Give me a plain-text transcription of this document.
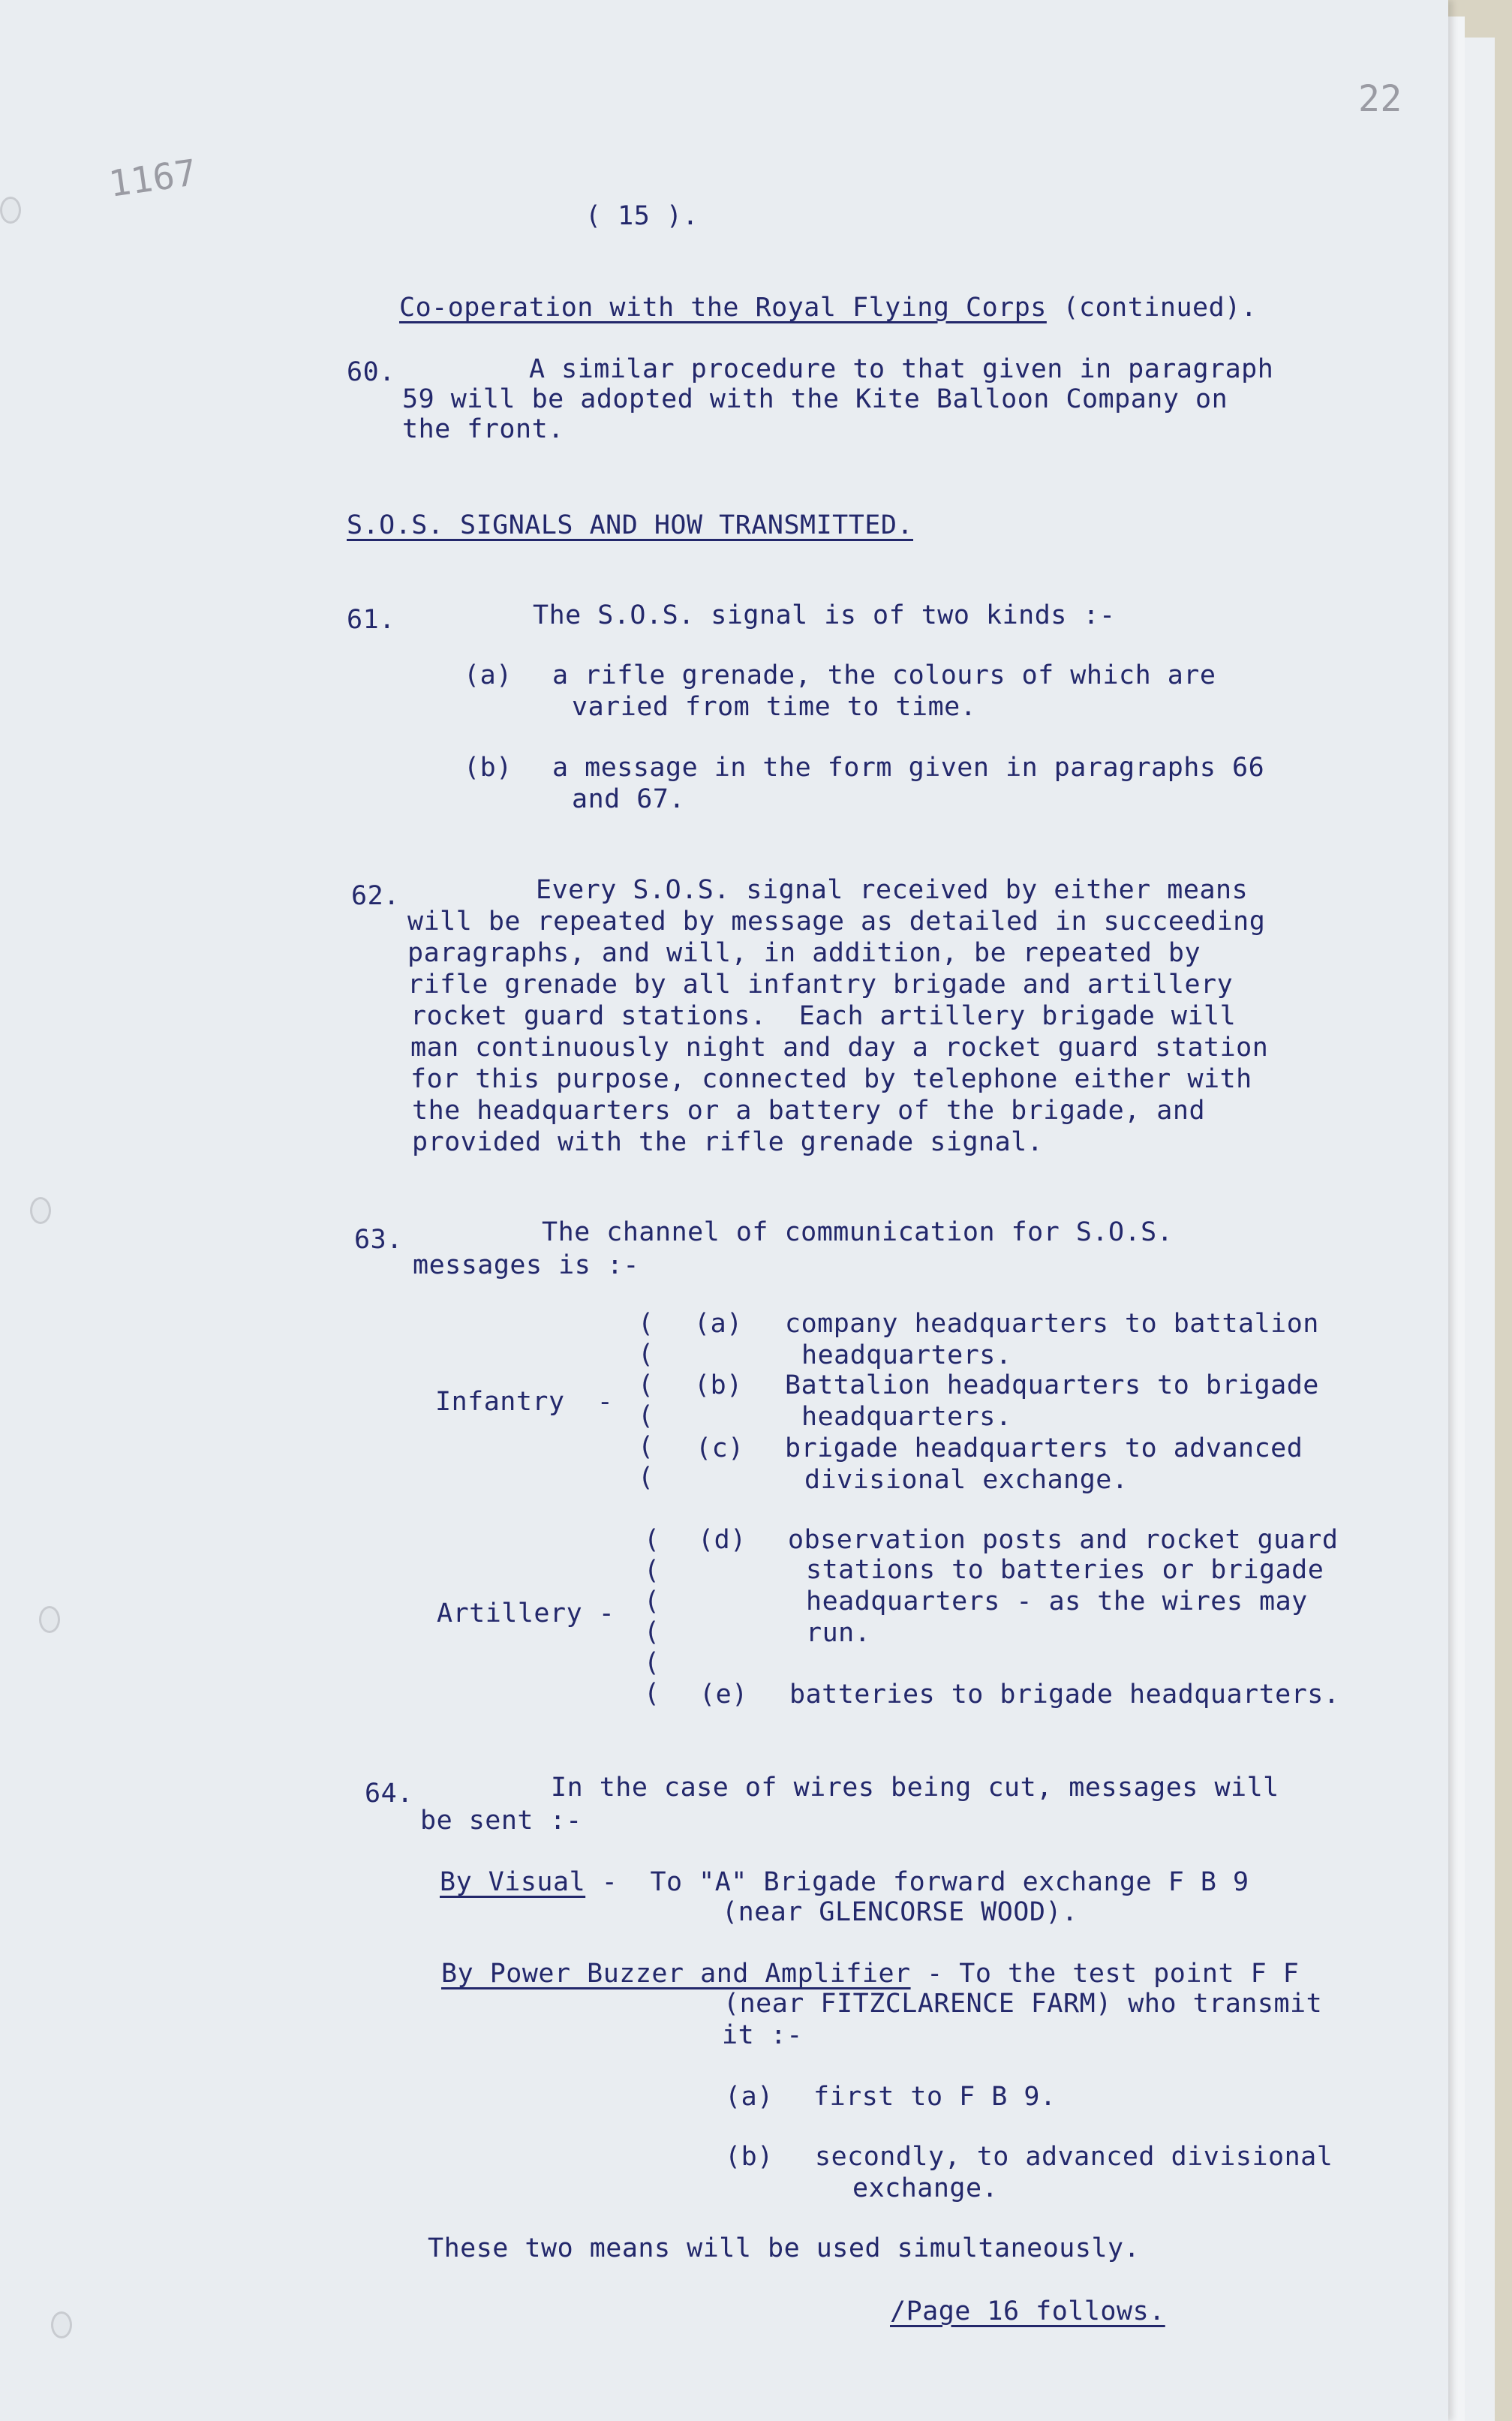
1167
22
( 15 ).
Co-operation with the Royal Flying Corps (continued).
60.	A similar procedure to that given in paragraph
59 will be adopted with the Kite Balloon Company on
the front.
S.O.S. SIGNALS AND HOW TRANSMITTED.
61.	The S.O.S. signal is of two kinds :-
(a) a rifle grenade, the colours of which are
varied from time to time.
(b) a message in the form given in paragraphs 66
and 67.
62.	Every S.O.S. signal received by either means
will be repeated by message as detailed in succeeding
paragraphs, and will, in addition, be repeated by
rifle grenade by all infantry brigade and artillery
rocket guard stations.  Each artillery brigade will
man continuously night and day a rocket guard station
for this purpose, connected by telephone either with
the headquarters or a battery of the brigade, and
provided with the rifle grenade signal.
63.	The channel of communication for S.O.S.
messages is :-
(
(
(
(
(
(
Infantry  -
(a) company headquarters to battalion
headquarters.
(b) Battalion headquarters to brigade
headquarters.
(c) brigade headquarters to advanced
divisional exchange.
(
(
(
(
(
(
Artillery -
(d) observation posts and rocket guard
stations to batteries or brigade
headquarters - as the wires may
run.
(e) batteries to brigade headquarters.
64.	In the case of wires being cut, messages will
be sent :-
By Visual -  To "A" Brigade forward exchange F B 9
(near GLENCORSE WOOD).
By Power Buzzer and Amplifier - To the test point F F
(near FITZCLARENCE FARM) who transmit
it :-
(a) first to F B 9.
(b) secondly, to advanced divisional
exchange.
These two means will be used simultaneously.
/Page 16 follows.
